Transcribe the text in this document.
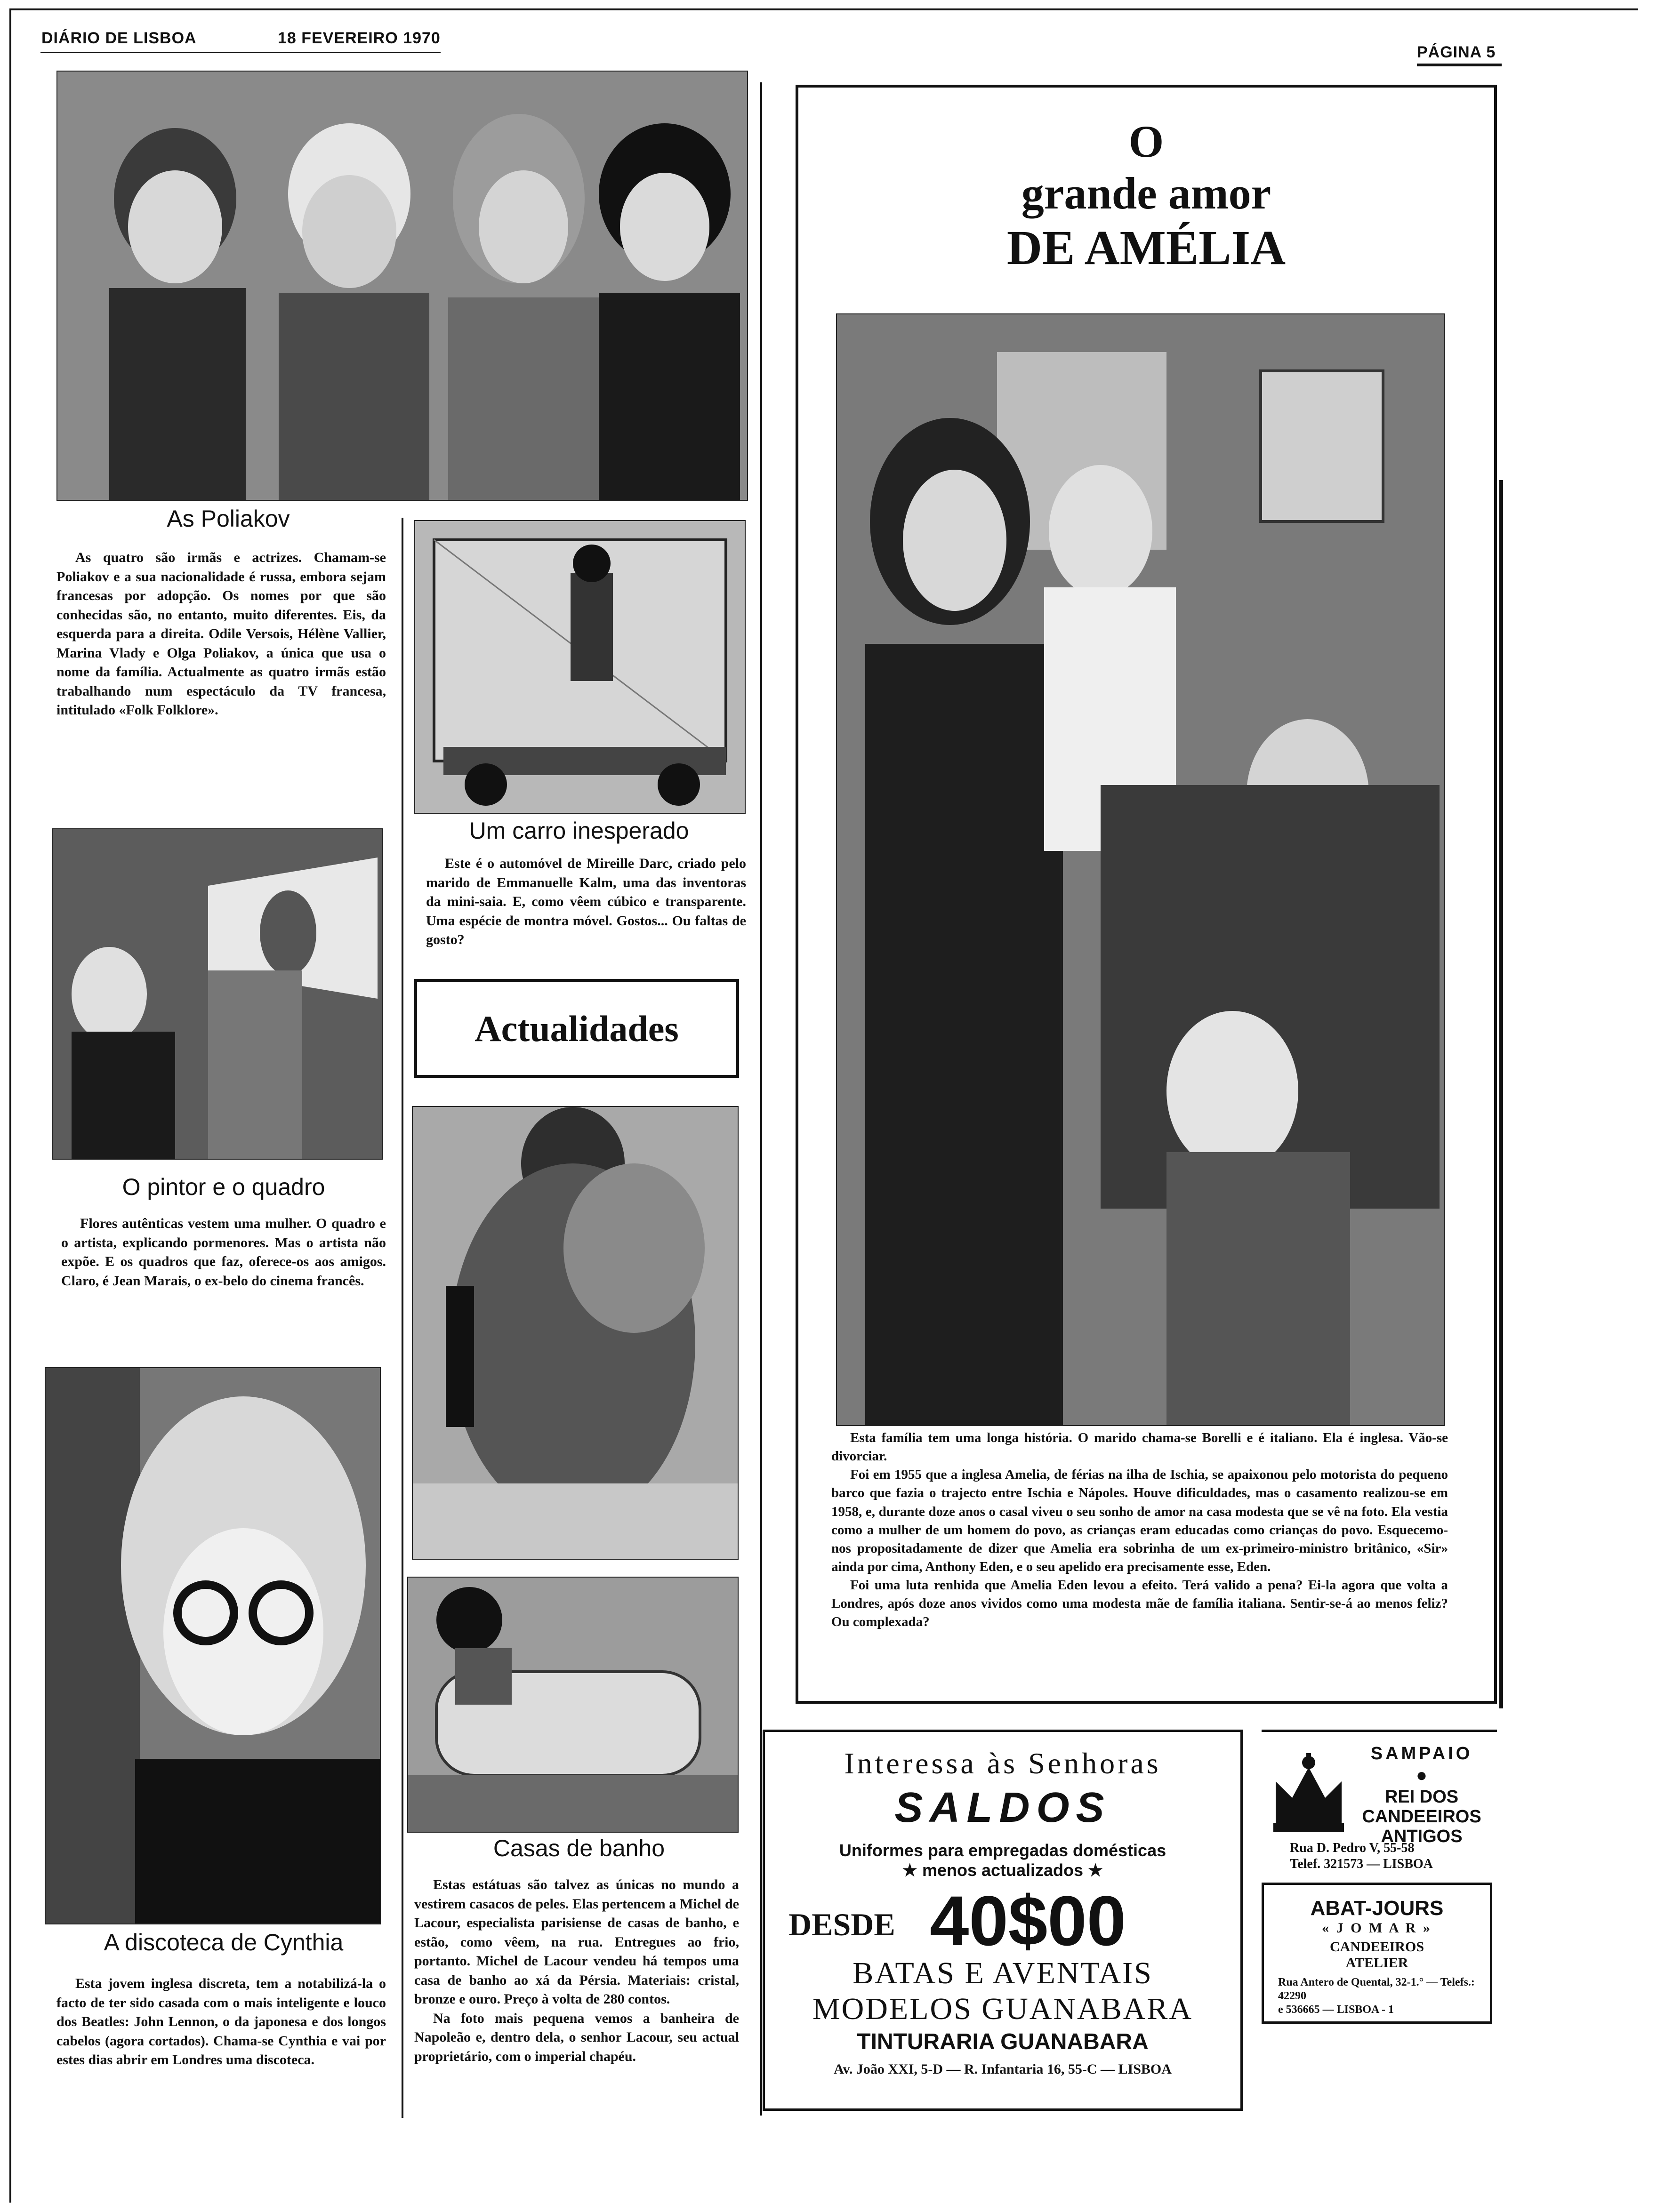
DIÁRIO DE LISBOA	18 FEVEREIRO 1970
PÁGINA 5
As Poliakov

As quatro são irmãs e actrizes. Chamam-se Poliakov e a sua nacionalidade é russa, embora sejam francesas por adopção. Os nomes por que são conhecidas são, no entanto, muito diferentes. Eis, da esquerda para a direita. Odile Versois, Hélène Vallier, Marina Vlady e Olga Poliakov, a única que usa o nome da família. Actualmente as quatro irmãs estão trabalhando num espectáculo da TV francesa, intitulado «Folk Folklore».

Um carro inesperado

Este é o automóvel de Mireille Darc, criado pelo marido de Emmanuelle Kalm, uma das inventoras da mini-saia. E, como vêem cúbico e transparente. Uma espécie de montra móvel. Gostos... Ou faltas de gosto?

Actualidades
O pintor e o quadro

Flores autênticas vestem uma mulher. O quadro e o artista, explicando pormenores. Mas o artista não expõe. E os quadros que faz, oferece-os aos amigos. Claro, é Jean Marais, o ex-belo do cinema francês.

A discoteca de Cynthia

Esta jovem inglesa discreta, tem a notabilizá-la o facto de ter sido casada com o mais inteligente e louco dos Beatles: John Lennon, o da japonesa e dos longos cabelos (agora cortados). Chama-se Cynthia e vai por estes dias abrir em Londres uma discoteca.

Casas de banho

Estas estátuas são talvez as únicas no mundo a vestirem casacos de peles. Elas pertencem a Michel de Lacour, especialista parisiense de casas de banho, e estão, como vêem, na rua. Entregues ao frio, portanto. Michel de Lacour vendeu há tempos uma casa de banho ao xá da Pérsia. Materiais: cristal, bronze e ouro. Preço à volta de 280 contos.

Na foto mais pequena vemos a banheira de Napoleão e, dentro dela, o senhor Lacour, seu actual proprietário, com o imperial chapéu.

O
grande amor
DE AMÉLIA

Esta família tem uma longa história. O marido chama-se Borelli e é italiano. Ela é inglesa. Vão-se divorciar.

Foi em 1955 que a inglesa Amelia, de férias na ilha de Ischia, se apaixonou pelo motorista do pequeno barco que fazia o trajecto entre Ischia e Nápoles. Houve dificuldades, mas o casamento realizou-se em 1958, e, durante doze anos o casal viveu o seu sonho de amor na casa modesta que se vê na foto. Ela vestia como a mulher de um homem do povo, as crianças eram educadas como crianças do povo. Esquecemo-nos propositadamente de dizer que Amelia era sobrinha de um ex-primeiro-ministro britânico, «Sir» ainda por cima, Anthony Eden, e o seu apelido era precisamente esse, Eden.

Foi uma luta renhida que Amelia Eden levou a efeito. Terá valido a pena? Ei-la agora que volta a Londres, após doze anos vividos como uma modesta mãe de família italiana. Sentir-se-á ao menos feliz? Ou complexada?

Interessa às Senhoras
SALDOS
Uniformes para empregadas domésticas
★ menos actualizados ★
DESDE 40$00
BATAS E AVENTAIS
MODELOS GUANABARA
TINTURARIA GUANABARA
Av. João XXI, 5-D — R. Infantaria 16, 55-C — LISBOA
SAMPAIO
●
REI DOS
CANDEEIROS
ANTIGOS
Rua D. Pedro V, 55-58
Telef. 321573 — LISBOA
ABAT-JOURS
« J O M A R »
CANDEEIROS
ATELIER
Rua Antero de Quental, 32-1.° — Telefs.: 42290
e 536665 — LISBOA - 1
